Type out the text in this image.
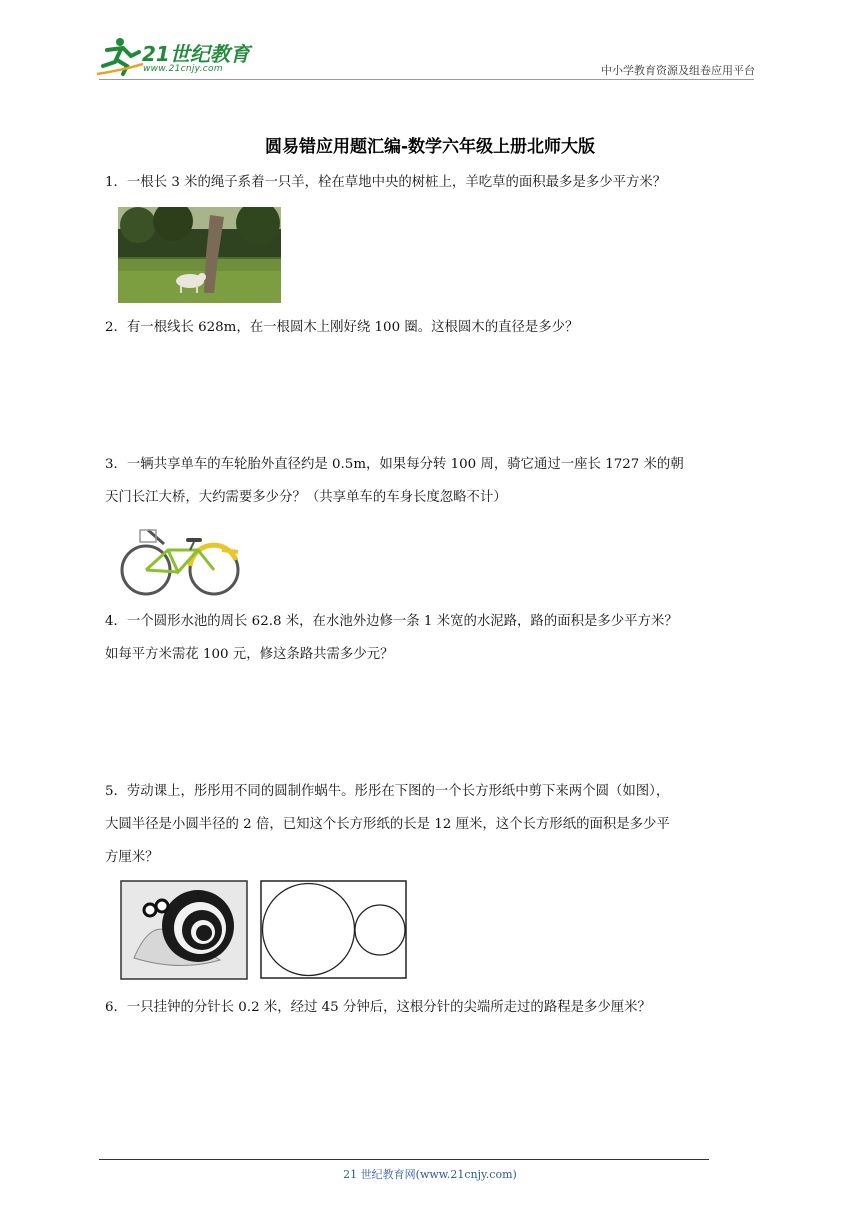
21世纪教育
www.21cnjy.com	中小学教育资源及组卷应用平台
圆易错应用题汇编-数学六年级上册北师大版
1．一根长 3 米的绳子系着一只羊，栓在草地中央的树桩上，羊吃草的面积最多是多少平方米？
2．有一根线长 628m，在一根圆木上刚好绕 100 圈。这根圆木的直径是多少？
3．一辆共享单车的车轮胎外直径约是 0.5m，如果每分转 100 周，骑它通过一座长 1727 米的朝
天门长江大桥，大约需要多少分？（共享单车的车身长度忽略不计）
4．一个圆形水池的周长 62.8 米，在水池外边修一条 1 米宽的水泥路，路的面积是多少平方米？
如每平方米需花 100 元，修这条路共需多少元？
5．劳动课上，彤彤用不同的圆制作蜗牛。彤彤在下图的一个长方形纸中剪下来两个圆（如图），
大圆半径是小圆半径的 2 倍，已知这个长方形纸的长是 12 厘米，这个长方形纸的面积是多少平
方厘米？
6．一只挂钟的分针长 0.2 米，经过 45 分钟后，这根分针的尖端所走过的路程是多少厘米？
21 世纪教育网(www.21cnjy.com)
